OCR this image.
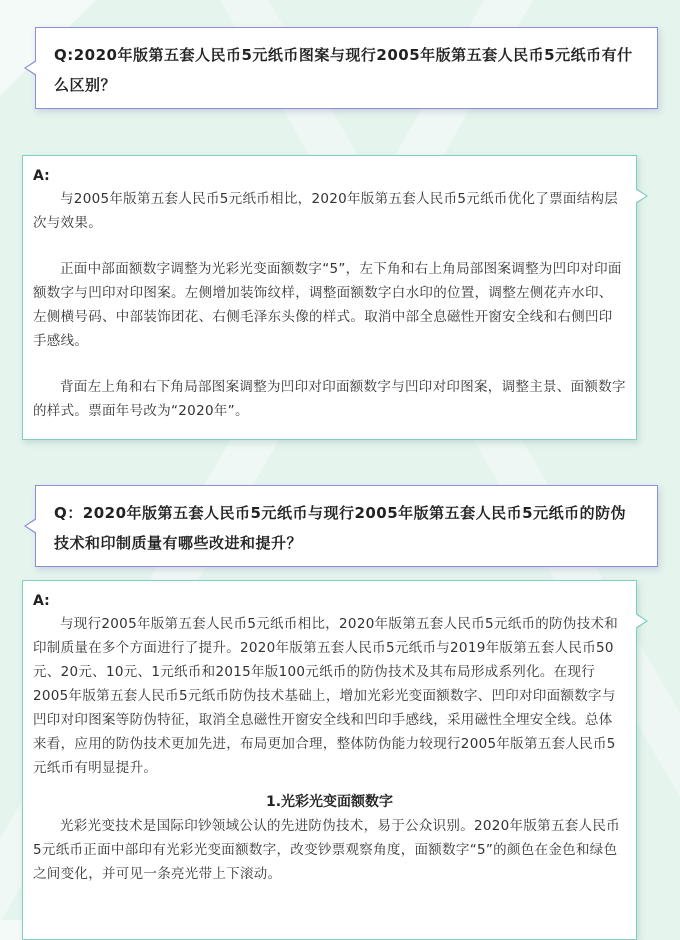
Q:2020年版第五套人民币5元纸币图案与现行2005年版第五套人民币5元纸币有什么区别？
A:

与2005年版第五套人民币5元纸币相比，2020年版第五套人民币5元纸币优化了票面结构层次与效果。

正面中部面额数字调整为光彩光变面额数字“5”，左下角和右上角局部图案调整为凹印对印面额数字与凹印对印图案。左侧增加装饰纹样，调整面额数字白水印的位置，调整左侧花卉水印、左侧横号码、中部装饰团花、右侧毛泽东头像的样式。取消中部全息磁性开窗安全线和右侧凹印手感线。

背面左上角和右下角局部图案调整为凹印对印面额数字与凹印对印图案，调整主景、面额数字的样式。票面年号改为“2020年”。

Q：2020年版第五套人民币5元纸币与现行2005年版第五套人民币5元纸币的防伪技术和印制质量有哪些改进和提升？
A:

与现行2005年版第五套人民币5元纸币相比，2020年版第五套人民币5元纸币的防伪技术和印制质量在多个方面进行了提升。2020年版第五套人民币5元纸币与2019年版第五套人民币50元、20元、10元、1元纸币和2015年版100元纸币的防伪技术及其布局形成系列化。在现行2005年版第五套人民币5元纸币防伪技术基础上，增加光彩光变面额数字、凹印对印面额数字与凹印对印图案等防伪特征，取消全息磁性开窗安全线和凹印手感线，采用磁性全埋安全线。总体来看，应用的防伪技术更加先进，布局更加合理，整体防伪能力较现行2005年版第五套人民币5元纸币有明显提升。

1.光彩光变面额数字

光彩光变技术是国际印钞领域公认的先进防伪技术，易于公众识别。2020年版第五套人民币5元纸币正面中部印有光彩光变面额数字，改变钞票观察角度，面额数字“5”的颜色在金色和绿色之间变化，并可见一条亮光带上下滚动。
